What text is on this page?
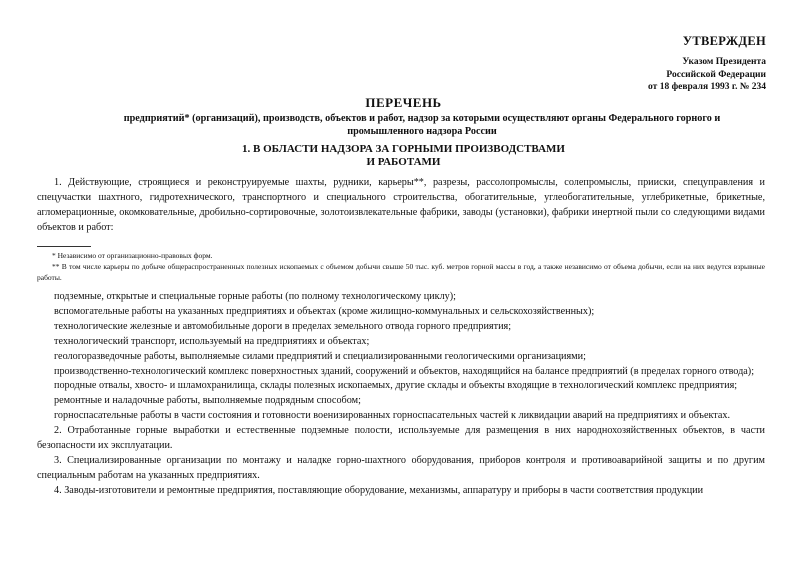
УТВЕРЖДЕН
Указом Президента
Российской Федерации
от 18 февраля 1993 г. № 234
ПЕРЕЧЕНЬ
предприятий* (организаций), производств, объектов и работ, надзор за которыми осуществляют органы Федерального горного и
промышленного надзора России
1. В ОБЛАСТИ НАДЗОРА ЗА ГОРНЫМИ ПРОИЗВОДСТВАМИ
И РАБОТАМИ

1. Действующие, строящиеся и реконструируемые шахты, рудники, карьеры**, разрезы, рассолопромыслы, солепромыслы, прииски, спецуправления и спецучастки шахтного, гидротехнического, транспортного и специального строительства, обогатительные, углеобогатительные, углебрикетные, брикетные, агломерационные, окомковательные, дробильно-сортировочные, золотоизвлекательные фабрики, заводы (установки), фабрики инертной пыли со следующими видами объектов и работ:

* Независимо от организационно-правовых форм.

** В том числе карьеры по добыче общераспространенных полезных ископаемых с объемом добычи свыше 50 тыс. куб. метров горной массы в год, а также независимо от объема добычи, если на них ведутся взрывные работы.

подземные, открытые и специальные горные работы (по полному технологическому циклу);

вспомогательные работы на указанных предприятиях и объектах (кроме жилищно-коммунальных и сельскохозяйственных);

технологические железные и автомобильные дороги в пределах земельного отвода горного предприятия;

технологический транспорт, используемый на предприятиях и объектах;

геологоразведочные работы, выполняемые силами предприятий и специализированными геологическими организациями;

производственно-технологический комплекс поверхностных зданий, сооружений и объектов, находящийся на балансе предприятий (в пределах горного отвода);

породные отвалы, хвосто- и шламохранилища, склады полезных ископаемых, другие склады и объекты входящие в технологический комплекс предприятия;

ремонтные и наладочные работы, выполняемые подрядным способом;

горноспасательные работы в части состояния и готовности военизированных горноспасательных частей к ликвидации аварий на предприятиях и объектах.

2. Отработанные горные выработки и естественные подземные полости, используемые для размещения в них народнохозяйственных объектов, в части безопасности их эксплуатации.

3. Специализированные организации по монтажу и наладке горно-шахтного оборудования, приборов контроля и противоаварийной защиты и по другим специальным работам на указанных предприятиях.

4. Заводы-изготовители и ремонтные предприятия, поставляющие оборудование, механизмы, аппаратуру и приборы в части соответствия продукции
